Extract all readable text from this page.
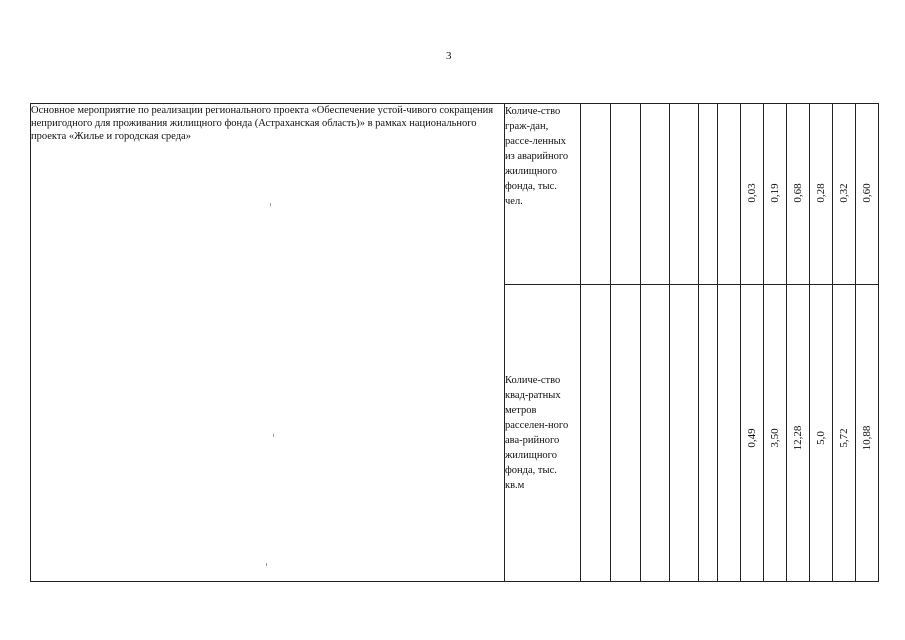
3
Основное мероприятие по реализации регионального проекта «Обеспечение устой-чивого сокращения непригодного для проживания жилищного фонда (Астраханская область)» в рамках национального проекта «Жилье и городская среда»	Количе-ство граж-дан, рассе-ленных из аварийного жилищного фонда, тыс. чел.							0,03	0,19	0,68	0,28	0,32	0,60

	Количе-ство квад-ратных метров расселен-ного ава-рийного жилищного фонда, тыс. кв.м							0,49	3,50	12,28	5,0	5,72	10,88
